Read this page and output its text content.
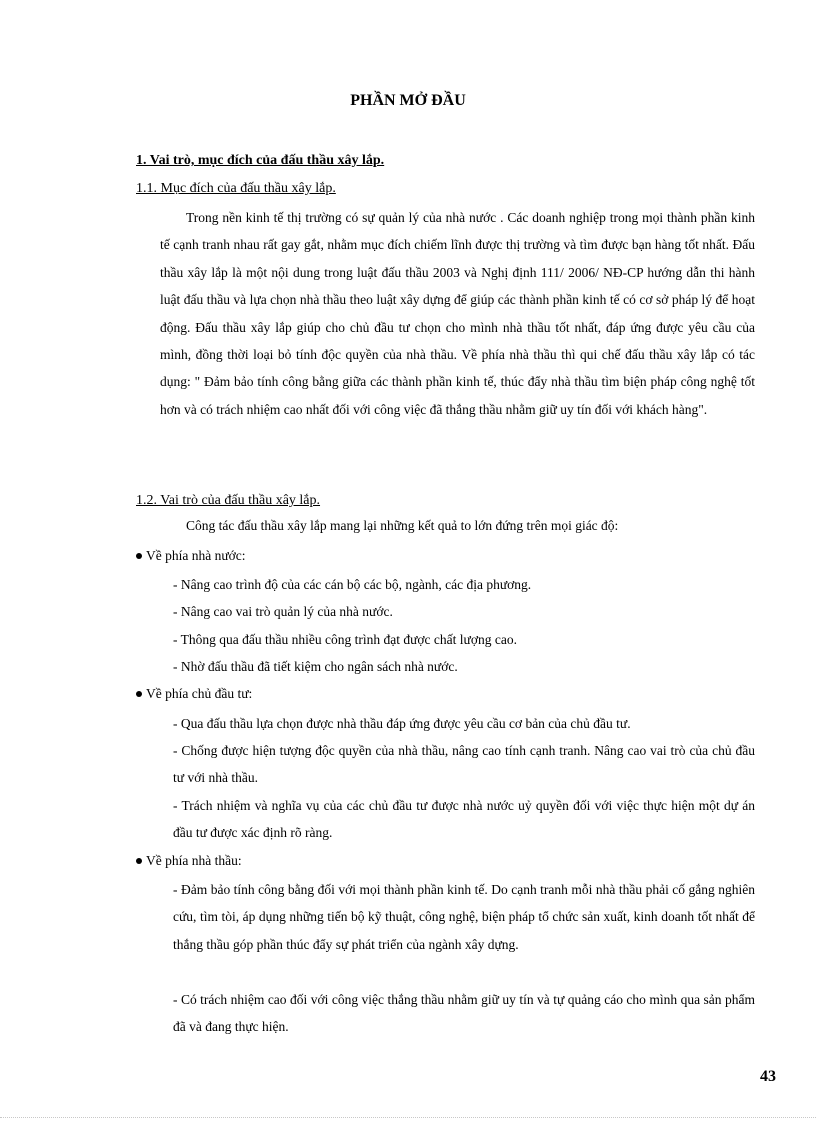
PHẦN MỞ ĐẦU
1. Vai trò, mục đích của đấu thầu xây lắp.
1.1. Mục đích của đấu thầu xây lắp.

Trong nền kinh tế thị trường có sự quản lý của nhà nước . Các doanh nghiệp trong mọi thành phần kinh tế cạnh tranh nhau rất gay gắt, nhằm mục đích chiếm lĩnh được thị trường và tìm được bạn hàng tốt nhất. Đấu thầu xây lắp là một nội dung trong luật đấu thầu 2003 và Nghị định 111/ 2006/ NĐ-CP hướng dẫn thi hành luật đấu thầu và lựa chọn nhà thầu theo luật xây dựng để giúp các thành phần kinh tế có cơ sở pháp lý để hoạt động. Đấu thầu xây lắp giúp cho chủ đầu tư chọn cho mình nhà thầu tốt nhất, đáp ứng được yêu cầu của mình, đồng thời loại bỏ tính độc quyền của nhà thầu. Về phía nhà thầu thì qui chế đấu thầu xây lắp có tác dụng: " Đảm bảo tính công bằng giữa các thành phần kinh tế, thúc đẩy nhà thầu tìm biện pháp công nghệ tốt hơn và có trách nhiệm cao nhất đối với công việc đã thắng thầu nhằm giữ uy tín đối với khách hàng".

1.2. Vai trò của đấu thầu xây lắp.

Công tác đấu thầu xây lắp mang lại những kết quả to lớn đứng trên mọi giác độ:

Về phía nhà nước:

- Nâng cao trình độ của các cán bộ các bộ, ngành, các địa phương.

- Nâng cao vai trò quản lý của nhà nước.

- Thông qua đấu thầu nhiều công trình đạt được chất lượng cao.

- Nhờ đấu thầu đã tiết kiệm cho ngân sách nhà nước.

Về phía chủ đầu tư:

- Qua đấu thầu lựa chọn được nhà thầu đáp ứng được yêu cầu cơ bản của chủ đầu tư.

- Chống được hiện tượng độc quyền của nhà thầu, nâng cao tính cạnh tranh. Nâng cao vai trò của chủ đầu tư với nhà thầu.

- Trách nhiệm và nghĩa vụ của các chủ đầu tư được nhà nước uỷ quyền đối với việc thực hiện một dự án đầu tư được xác định rõ ràng.

Về phía nhà thầu:

- Đảm bảo tính công bằng đối với mọi thành phần kinh tế. Do cạnh tranh mỗi nhà thầu phải cố gắng nghiên cứu, tìm tòi, áp dụng những tiến bộ kỹ thuật, công nghệ, biện pháp tổ chức sản xuất, kinh doanh tốt nhất để thắng thầu góp phần thúc đẩy sự phát triển của ngành xây dựng.

- Có trách nhiệm cao đối với công việc thắng thầu nhằm giữ uy tín và tự quảng cáo cho mình qua sản phẩm đã và đang thực hiện.

43
